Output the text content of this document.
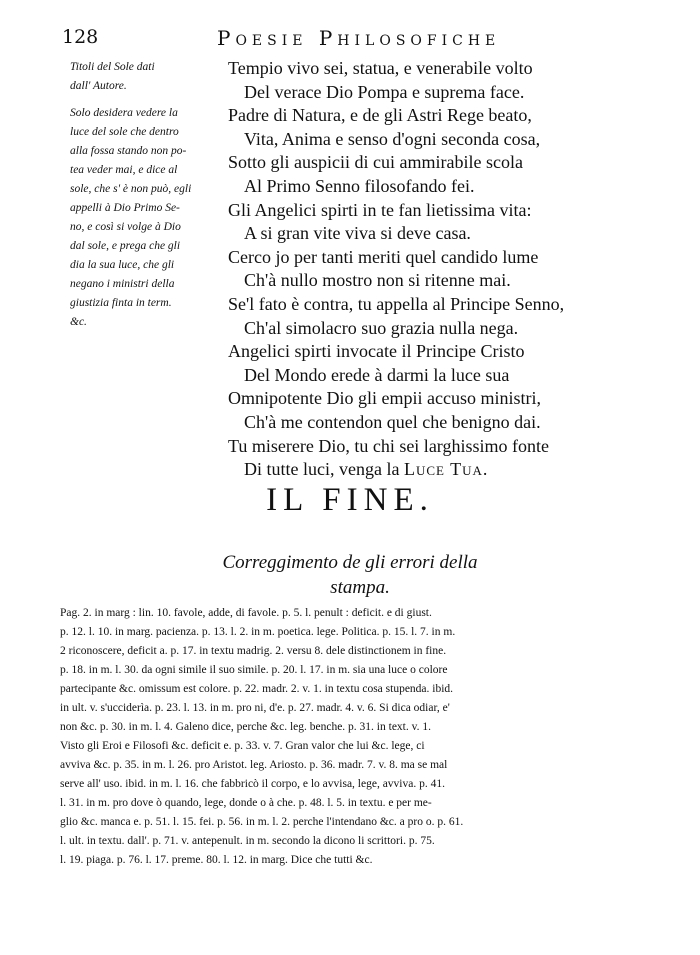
128	Poesie Philosofiche
Titoli del Sole dati
dall' Autore.
Solo desidera vedere la
luce del sole che dentro
alla fossa stando non po-
tea veder mai, e dice al
sole, che s' è non può, egli
appelli à Dio Primo Se-
no, e così si volge à Dio
dal sole, e prega che gli
dia la sua luce, che gli
negano i ministri della
giustizia finta in term.
&c.
Tempio vivo sei, statua, e venerabile volto
Del verace Dio Pompa e suprema face.
Padre di Natura, e de gli Astri Rege beato,
Vita, Anima e senso d'ogni seconda cosa,
Sotto gli auspicii di cui ammirabile scola
Al Primo Senno filosofando fei.
Gli Angelici spirti in te fan lietissima vita:
A si gran vite viva si deve casa.
Cerco jo per tanti meriti quel candido lume
Ch'à nullo mostro non si ritenne mai.
Se'l fato è contra, tu appella al Principe Senno,
Ch'al simolacro suo grazia nulla nega.
Angelici spirti invocate il Principe Cristo
Del Mondo erede à darmi la luce sua
Omnipotente Dio gli empii accuso ministri,
Ch'à me contendon quel che benigno dai.
Tu miserere Dio, tu chi sei larghissimo fonte
Di tutte luci, venga la Luce Tua.
IL FINE.
Correggimento de gli errori della
stampa.
Pag. 2. in marg : lin. 10. favole, adde, di favole. p. 5. l. penult : deficit. e di giust.
p. 12. l. 10. in marg. pacienza. p. 13. l. 2. in m. poetica. lege. Politica. p. 15. l. 7. in m.
2 riconoscere, deficit a. p. 17. in textu madrig. 2. versu 8. dele distinctionem in fine.
p. 18. in m. l. 30. da ogni simile il suo simile. p. 20. l. 17. in m. sia una luce o colore
partecipante &c. omissum est colore. p. 22. madr. 2. v. 1. in textu cosa stupenda. ibid.
in ult. v. s'ucciderìa. p. 23. l. 13. in m. pro ni, d'e. p. 27. madr. 4. v. 6. Si dica odiar, e'
non &c. p. 30. in m. l. 4. Galeno dice, perche &c. leg. benche. p. 31. in text. v. 1.
Visto gli Eroi e Filosofi &c. deficit e. p. 33. v. 7. Gran valor che lui &c. lege, ci
avviva &c. p. 35. in m. l. 26. pro Aristot. leg. Ariosto. p. 36. madr. 7. v. 8. ma se mal
serve all' uso. ibid. in m. l. 16. che fabbricò il corpo, e lo avvisa, lege, avviva. p. 41.
l. 31. in m. pro dove ò quando, lege, donde o à che. p. 48. l. 5. in textu. e per me-
glio &c. manca e. p. 51. l. 15. fei. p. 56. in m. l. 2. perche l'intendano &c. a pro o. p. 61.
l. ult. in textu. dall'. p. 71. v. antepenult. in m. secondo la dicono li scrittori. p. 75.
l. 19. piaga. p. 76. l. 17. preme. 80. l. 12. in marg. Dice che tutti &c.
